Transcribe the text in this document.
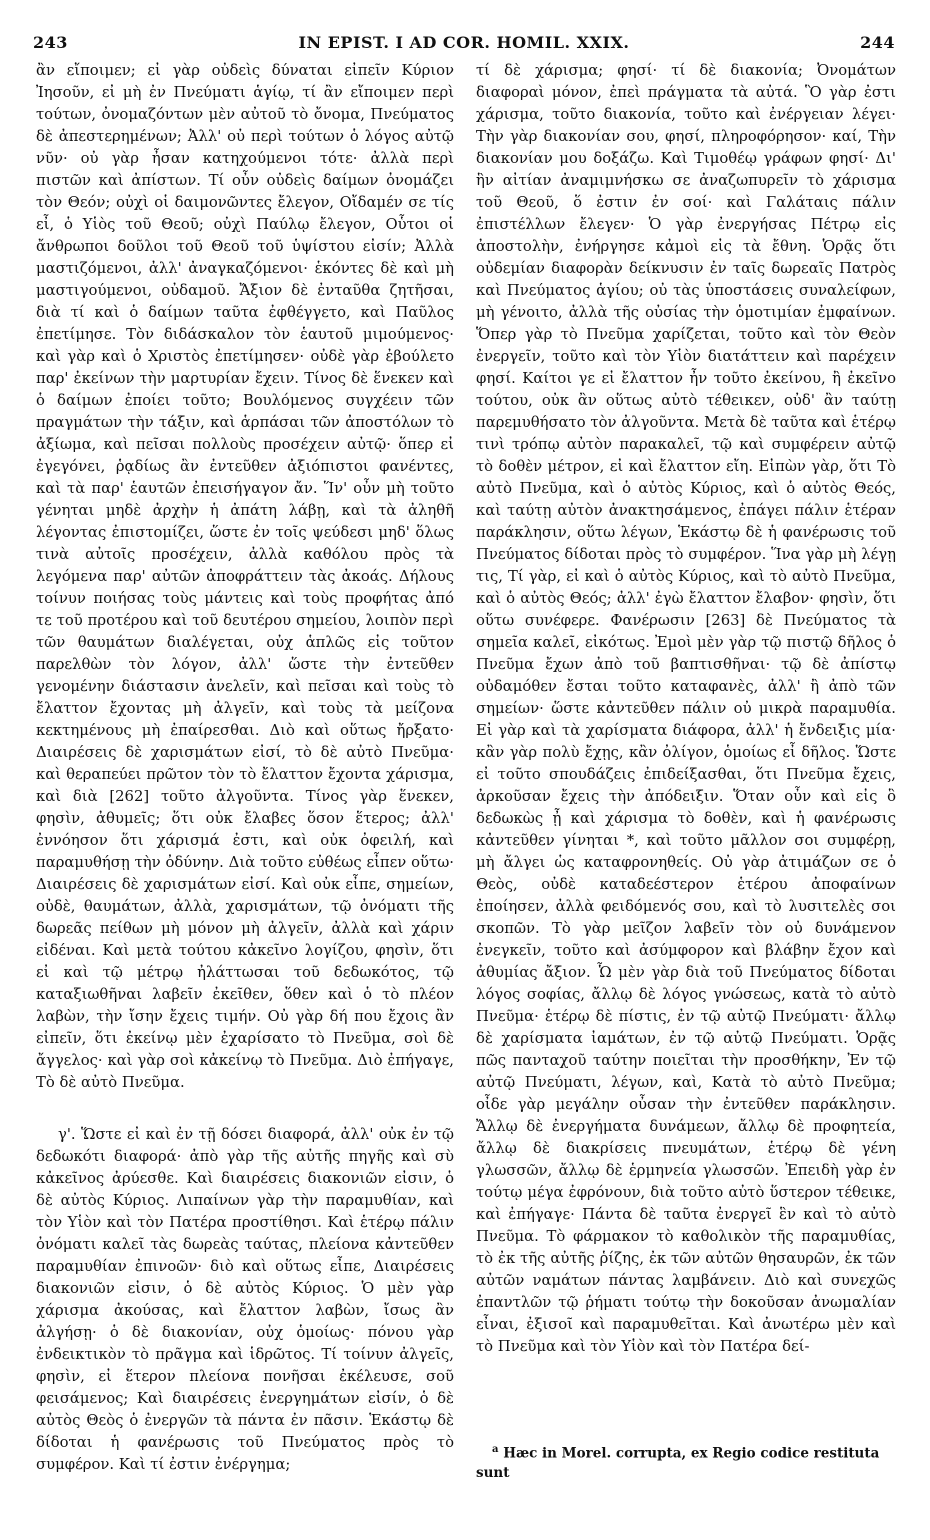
243	IN EPIST. I AD COR. HOMIL. XXIX.	244

ἂν εἴποιμεν; εἰ γὰρ οὐδεὶς δύναται εἰπεῖν Κύριον Ἰησοῦν, εἰ μὴ ἐν Πνεύματι ἁγίῳ, τί ἂν εἴποιμεν περὶ τούτων, ὀνομαζόντων μὲν αὐτοῦ τὸ ὄνομα, Πνεύματος δὲ ἀπεστερημένων; Ἀλλ' οὐ περὶ τούτων ὁ λόγος αὐτῷ νῦν· οὐ γὰρ ἦσαν κατηχούμενοι τότε· ἀλλὰ περὶ πιστῶν καὶ ἀπίστων. Τί οὖν οὐδεὶς δαίμων ὀνομάζει τὸν Θεόν; οὐχὶ οἱ δαιμονῶντες ἔλεγον, Οἴδαμέν σε τίς εἶ, ὁ Υἱὸς τοῦ Θεοῦ; οὐχὶ Παύλῳ ἔλεγον, Οὗτοι οἱ ἄνθρωποι δοῦλοι τοῦ Θεοῦ τοῦ ὑψίστου εἰσίν; Ἀλλὰ μαστιζόμενοι, ἀλλ' ἀναγκαζόμενοι· ἑκόντες δὲ καὶ μὴ μαστιγούμενοι, οὐδαμοῦ. Ἄξιον δὲ ἐνταῦθα ζητῆσαι, διὰ τί καὶ ὁ δαίμων ταῦτα ἐφθέγγετο, καὶ Παῦλος ἐπετίμησε. Τὸν διδάσκαλον τὸν ἑαυτοῦ μιμούμενος· καὶ γὰρ καὶ ὁ Χριστὸς ἐπετίμησεν· οὐδὲ γὰρ ἐβούλετο παρ' ἐκείνων τὴν μαρτυρίαν ἔχειν. Τίνος δὲ ἕνεκεν καὶ ὁ δαίμων ἐποίει τοῦτο; Βουλόμενος συγχέειν τῶν πραγμάτων τὴν τάξιν, καὶ ἁρπάσαι τῶν ἀποστόλων τὸ ἀξίωμα, καὶ πεῖσαι πολλοὺς προσέχειν αὐτῷ· ὅπερ εἰ ἐγεγόνει, ῥᾳδίως ἂν ἐντεῦθεν ἀξιόπιστοι φανέντες, καὶ τὰ παρ' ἑαυτῶν ἐπεισήγαγον ἄν. Ἵν' οὖν μὴ τοῦτο γένηται μηδὲ ἀρχὴν ἡ ἀπάτη λάβῃ, καὶ τὰ ἀληθῆ λέγοντας ἐπιστομίζει, ὥστε ἐν τοῖς ψεύδεσι μηδ' ὅλως τινὰ αὐτοῖς προσέχειν, ἀλλὰ καθόλου πρὸς τὰ λεγόμενα παρ' αὐτῶν ἀποφράττειν τὰς ἀκοάς. Δήλους τοίνυν ποιήσας τοὺς μάντεις καὶ τοὺς προφήτας ἀπό τε τοῦ προτέρου καὶ τοῦ δευτέρου σημείου, λοιπὸν περὶ τῶν θαυμάτων διαλέγεται, οὐχ ἁπλῶς εἰς τοῦτον παρελθὼν τὸν λόγον, ἀλλ' ὥστε τὴν ἐντεῦθεν γενομένην διάστασιν ἀνελεῖν, καὶ πεῖσαι καὶ τοὺς τὸ ἔλαττον ἔχοντας μὴ ἀλγεῖν, καὶ τοὺς τὰ μείζονα κεκτημένους μὴ ἐπαίρεσθαι. Διὸ καὶ οὕτως ἤρξατο· Διαιρέσεις δὲ χαρισμάτων εἰσί, τὸ δὲ αὐτὸ Πνεῦμα· καὶ θεραπεύει πρῶτον τὸν τὸ ἔλαττον ἔχοντα χάρισμα, καὶ διὰ [262] τοῦτο ἀλγοῦντα. Τίνος γὰρ ἕνεκεν, φησὶν, ἀθυμεῖς; ὅτι οὐκ ἔλαβες ὅσον ἕτερος; ἀλλ' ἐννόησον ὅτι χάρισμά ἐστι, καὶ οὐκ ὀφειλή, καὶ παραμυθήσῃ τὴν ὀδύνην. Διὰ τοῦτο εὐθέως εἶπεν οὕτω· Διαιρέσεις δὲ χαρισμάτων εἰσί. Καὶ οὐκ εἶπε, σημείων, οὐδὲ, θαυμάτων, ἀλλὰ, χαρισμάτων, τῷ ὀνόματι τῆς δωρεᾶς πείθων μὴ μόνον μὴ ἀλγεῖν, ἀλλὰ καὶ χάριν εἰδέναι. Καὶ μετὰ τούτου κἀκεῖνο λογίζου, φησὶν, ὅτι εἰ καὶ τῷ μέτρῳ ἠλάττωσαι τοῦ δεδωκότος, τῷ καταξιωθῆναι λαβεῖν ἐκεῖθεν, ὅθεν καὶ ὁ τὸ πλέον λαβὼν, τὴν ἴσην ἔχεις τιμήν. Οὐ γὰρ δή που ἔχοις ἂν εἰπεῖν, ὅτι ἐκείνῳ μὲν ἐχαρίσατο τὸ Πνεῦμα, σοὶ δὲ ἄγγελος· καὶ γὰρ σοὶ κἀκείνῳ τὸ Πνεῦμα. Διὸ ἐπήγαγε, Τὸ δὲ αὐτὸ Πνεῦμα.

γ'. Ὥστε εἰ καὶ ἐν τῇ δόσει διαφορά, ἀλλ' οὐκ ἐν τῷ δεδωκότι διαφορά· ἀπὸ γὰρ τῆς αὐτῆς πηγῆς καὶ σὺ κἀκεῖνος ἀρύεσθε. Καὶ διαιρέσεις διακονιῶν εἰσιν, ὁ δὲ αὐτὸς Κύριος. Λιπαίνων γὰρ τὴν παραμυθίαν, καὶ τὸν Υἱὸν καὶ τὸν Πατέρα προστίθησι. Καὶ ἑτέρῳ πάλιν ὀνόματι καλεῖ τὰς δωρεὰς ταύτας, πλείονα κἀντεῦθεν παραμυθίαν ἐπινοῶν· διὸ καὶ οὕτως εἶπε, Διαιρέσεις διακονιῶν εἰσιν, ὁ δὲ αὐτὸς Κύριος. Ὁ μὲν γὰρ χάρισμα ἀκούσας, καὶ ἔλαττον λαβὼν, ἴσως ἂν ἀλγήσῃ· ὁ δὲ διακονίαν, οὐχ ὁμοίως· πόνου γὰρ ἐνδεικτικὸν τὸ πρᾶγμα καὶ ἱδρῶτος. Τί τοίνυν ἀλγεῖς, φησὶν, εἰ ἕτερον πλείονα πονῆσαι ἐκέλευσε, σοῦ φεισάμενος; Καὶ διαιρέσεις ἐνεργημάτων εἰσίν, ὁ δὲ αὐτὸς Θεὸς ὁ ἐνεργῶν τὰ πάντα ἐν πᾶσιν. Ἑκάστῳ δὲ δίδοται ἡ φανέρωσις τοῦ Πνεύματος πρὸς τὸ συμφέρον. Καὶ τί ἐστιν ἐνέργημα;

τί δὲ χάρισμα; φησί· τί δὲ διακονία; Ὀνομάτων διαφοραὶ μόνον, ἐπεὶ πράγματα τὰ αὐτά. Ὃ γὰρ ἐστι χάρισμα, τοῦτο διακονία, τοῦτο καὶ ἐνέργειαν λέγει· Τὴν γὰρ διακονίαν σου, φησί, πληροφόρησον· καί, Τὴν διακονίαν μου δοξάζω. Καὶ Τιμοθέῳ γράφων φησί· Δι' ἣν αἰτίαν ἀναμιμνήσκω σε ἀναζωπυρεῖν τὸ χάρισμα τοῦ Θεοῦ, ὅ ἐστιν ἐν σοί· καὶ Γαλάταις πάλιν ἐπιστέλλων ἔλεγεν· Ὁ γὰρ ἐνεργήσας Πέτρῳ εἰς ἀποστολὴν, ἐνήργησε κἀμοὶ εἰς τὰ ἔθνη. Ὁρᾷς ὅτι οὐδεμίαν διαφορὰν δείκνυσιν ἐν ταῖς δωρεαῖς Πατρὸς καὶ Πνεύματος ἁγίου; οὐ τὰς ὑποστάσεις συναλείφων, μὴ γένοιτο, ἀλλὰ τῆς οὐσίας τὴν ὁμοτιμίαν ἐμφαίνων. Ὅπερ γὰρ τὸ Πνεῦμα χαρίζεται, τοῦτο καὶ τὸν Θεὸν ἐνεργεῖν, τοῦτο καὶ τὸν Υἱὸν διατάττειν καὶ παρέχειν φησί. Καίτοι γε εἰ ἔλαττον ἦν τοῦτο ἐκείνου, ἢ ἐκεῖνο τούτου, οὐκ ἂν οὕτως αὐτὸ τέθεικεν, οὐδ' ἂν ταύτῃ παρεμυθήσατο τὸν ἀλγοῦντα. Μετὰ δὲ ταῦτα καὶ ἑτέρῳ τινὶ τρόπῳ αὐτὸν παρακαλεῖ, τῷ καὶ συμφέρειν αὐτῷ τὸ δοθὲν μέτρον, εἰ καὶ ἔλαττον εἴη. Εἰπὼν γὰρ, ὅτι Τὸ αὐτὸ Πνεῦμα, καὶ ὁ αὐτὸς Κύριος, καὶ ὁ αὐτὸς Θεός, καὶ ταύτῃ αὐτὸν ἀνακτησάμενος, ἐπάγει πάλιν ἑτέραν παράκλησιν, οὕτω λέγων, Ἑκάστῳ δὲ ἡ φανέρωσις τοῦ Πνεύματος δίδοται πρὸς τὸ συμφέρον. Ἵνα γὰρ μὴ λέγῃ τις, Τί γὰρ, εἰ καὶ ὁ αὐτὸς Κύριος, καὶ τὸ αὐτὸ Πνεῦμα, καὶ ὁ αὐτὸς Θεός; ἀλλ' ἐγὼ ἔλαττον ἔλαβον· φησὶν, ὅτι οὕτω συνέφερε. Φανέρωσιν [263] δὲ Πνεύματος τὰ σημεῖα καλεῖ, εἰκότως. Ἐμοὶ μὲν γὰρ τῷ πιστῷ δῆλος ὁ Πνεῦμα ἔχων ἀπὸ τοῦ βαπτισθῆναι· τῷ δὲ ἀπίστῳ οὐδαμόθεν ἔσται τοῦτο καταφανὲς, ἀλλ' ἢ ἀπὸ τῶν σημείων· ὥστε κἀντεῦθεν πάλιν οὐ μικρὰ παραμυθία. Εἰ γὰρ καὶ τὰ χαρίσματα διάφορα, ἀλλ' ἡ ἔνδειξις μία· κἂν γὰρ πολὺ ἔχῃς, κἂν ὀλίγον, ὁμοίως εἶ δῆλος. Ὥστε εἰ τοῦτο σπουδάζεις ἐπιδείξασθαι, ὅτι Πνεῦμα ἔχεις, ἀρκοῦσαν ἔχεις τὴν ἀπόδειξιν. Ὅταν οὖν καὶ εἰς ὃ δεδωκὼς ᾖ καὶ χάρισμα τὸ δοθὲν, καὶ ἡ φανέρωσις κἀντεῦθεν γίνηται *, καὶ τοῦτο μᾶλλον σοι συμφέρῃ, μὴ ἄλγει ὡς καταφρονηθείς. Οὐ γὰρ ἀτιμάζων σε ὁ Θεὸς, οὐδὲ καταδεέστερον ἑτέρου ἀποφαίνων ἐποίησεν, ἀλλὰ φειδόμενός σου, καὶ τὸ λυσιτελὲς σοι σκοπῶν. Τὸ γὰρ μεῖζον λαβεῖν τὸν οὐ δυνάμενον ἐνεγκεῖν, τοῦτο καὶ ἀσύμφορον καὶ βλάβην ἔχον καὶ ἀθυμίας ἄξιον. Ὧ μὲν γὰρ διὰ τοῦ Πνεύματος δίδοται λόγος σοφίας, ἄλλῳ δὲ λόγος γνώσεως, κατὰ τὸ αὐτὸ Πνεῦμα· ἑτέρῳ δὲ πίστις, ἐν τῷ αὐτῷ Πνεύματι· ἄλλῳ δὲ χαρίσματα ἰαμάτων, ἐν τῷ αὐτῷ Πνεύματι. Ὁρᾷς πῶς πανταχοῦ ταύτην ποιεῖται τὴν προσθήκην, Ἐν τῷ αὐτῷ Πνεύματι, λέγων, καὶ, Κατὰ τὸ αὐτὸ Πνεῦμα; οἶδε γὰρ μεγάλην οὖσαν τὴν ἐντεῦθεν παράκλησιν. Ἄλλῳ δὲ ἐνεργήματα δυνάμεων, ἄλλῳ δὲ προφητεία, ἄλλῳ δὲ διακρίσεις πνευμάτων, ἑτέρῳ δὲ γένη γλωσσῶν, ἄλλῳ δὲ ἑρμηνεία γλωσσῶν. Ἐπειδὴ γὰρ ἐν τούτῳ μέγα ἐφρόνουν, διὰ τοῦτο αὐτὸ ὕστερον τέθεικε, καὶ ἐπήγαγε· Πάντα δὲ ταῦτα ἐνεργεῖ ἓν καὶ τὸ αὐτὸ Πνεῦμα. Τὸ φάρμακον τὸ καθολικὸν τῆς παραμυθίας, τὸ ἐκ τῆς αὐτῆς ῥίζης, ἐκ τῶν αὐτῶν θησαυρῶν, ἐκ τῶν αὐτῶν ναμάτων πάντας λαμβάνειν. Διὸ καὶ συνεχῶς ἐπαντλῶν τῷ ῥήματι τούτῳ τὴν δοκοῦσαν ἀνωμαλίαν εἶναι, ἐξισοῖ καὶ παραμυθεῖται. Καὶ ἀνωτέρω μὲν καὶ τὸ Πνεῦμα καὶ τὸν Υἱὸν καὶ τὸν Πατέρα δεί-

$^a$ Hæc in Morel. corrupta, ex Regio codice restituta sunt
